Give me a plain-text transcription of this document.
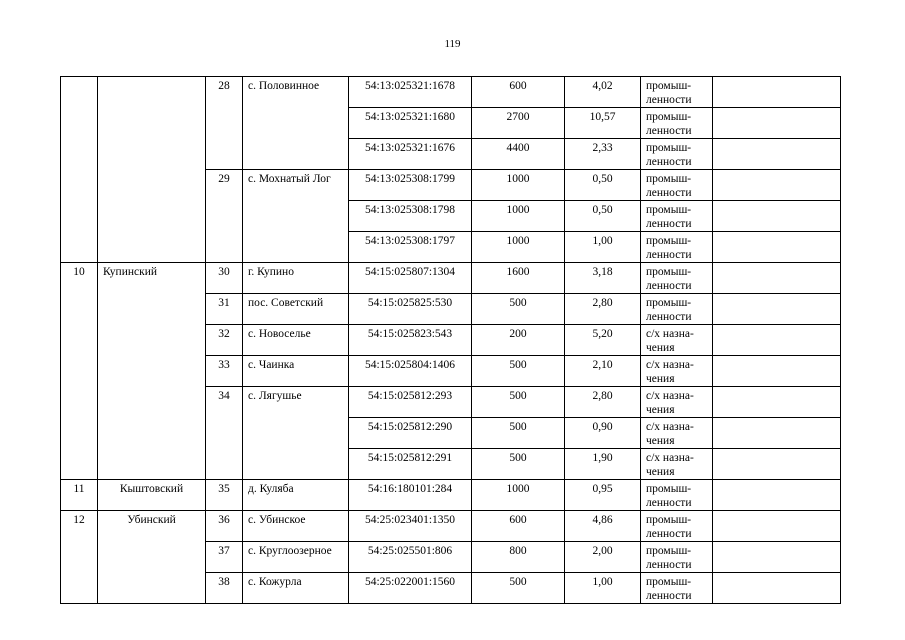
119
		28	с. Половинное	54:13:025321:1678	600	4,02	промыш-ленности	
				54:13:025321:1680	2700	10,57	промыш-ленности	
				54:13:025321:1676	4400	2,33	промыш-ленности	
		29	с. Мохнатый Лог	54:13:025308:1799	1000	0,50	промыш-ленности	
				54:13:025308:1798	1000	0,50	промыш-ленности	
				54:13:025308:1797	1000	1,00	промыш-ленности	
10	Купинский	30	г. Купино	54:15:025807:1304	1600	3,18	промыш-ленности	
		31	пос. Советский	54:15:025825:530	500	2,80	промыш-ленности	
		32	с. Новоселье	54:15:025823:543	200	5,20	с/х назна-чения	
		33	с. Чаинка	54:15:025804:1406	500	2,10	с/х назна-чения	
		34	с. Лягушье	54:15:025812:293	500	2,80	с/х назна-чения	
				54:15:025812:290	500	0,90	с/х назна-чения	
				54:15:025812:291	500	1,90	с/х назна-чения	
11	Кыштовский	35	д. Куляба	54:16:180101:284	1000	0,95	промыш-ленности	
12	Убинский	36	с. Убинское	54:25:023401:1350	600	4,86	промыш-ленности	
		37	с. Круглоозерное	54:25:025501:806	800	2,00	промыш-ленности	
		38	с. Кожурла	54:25:022001:1560	500	1,00	промыш-ленности	
